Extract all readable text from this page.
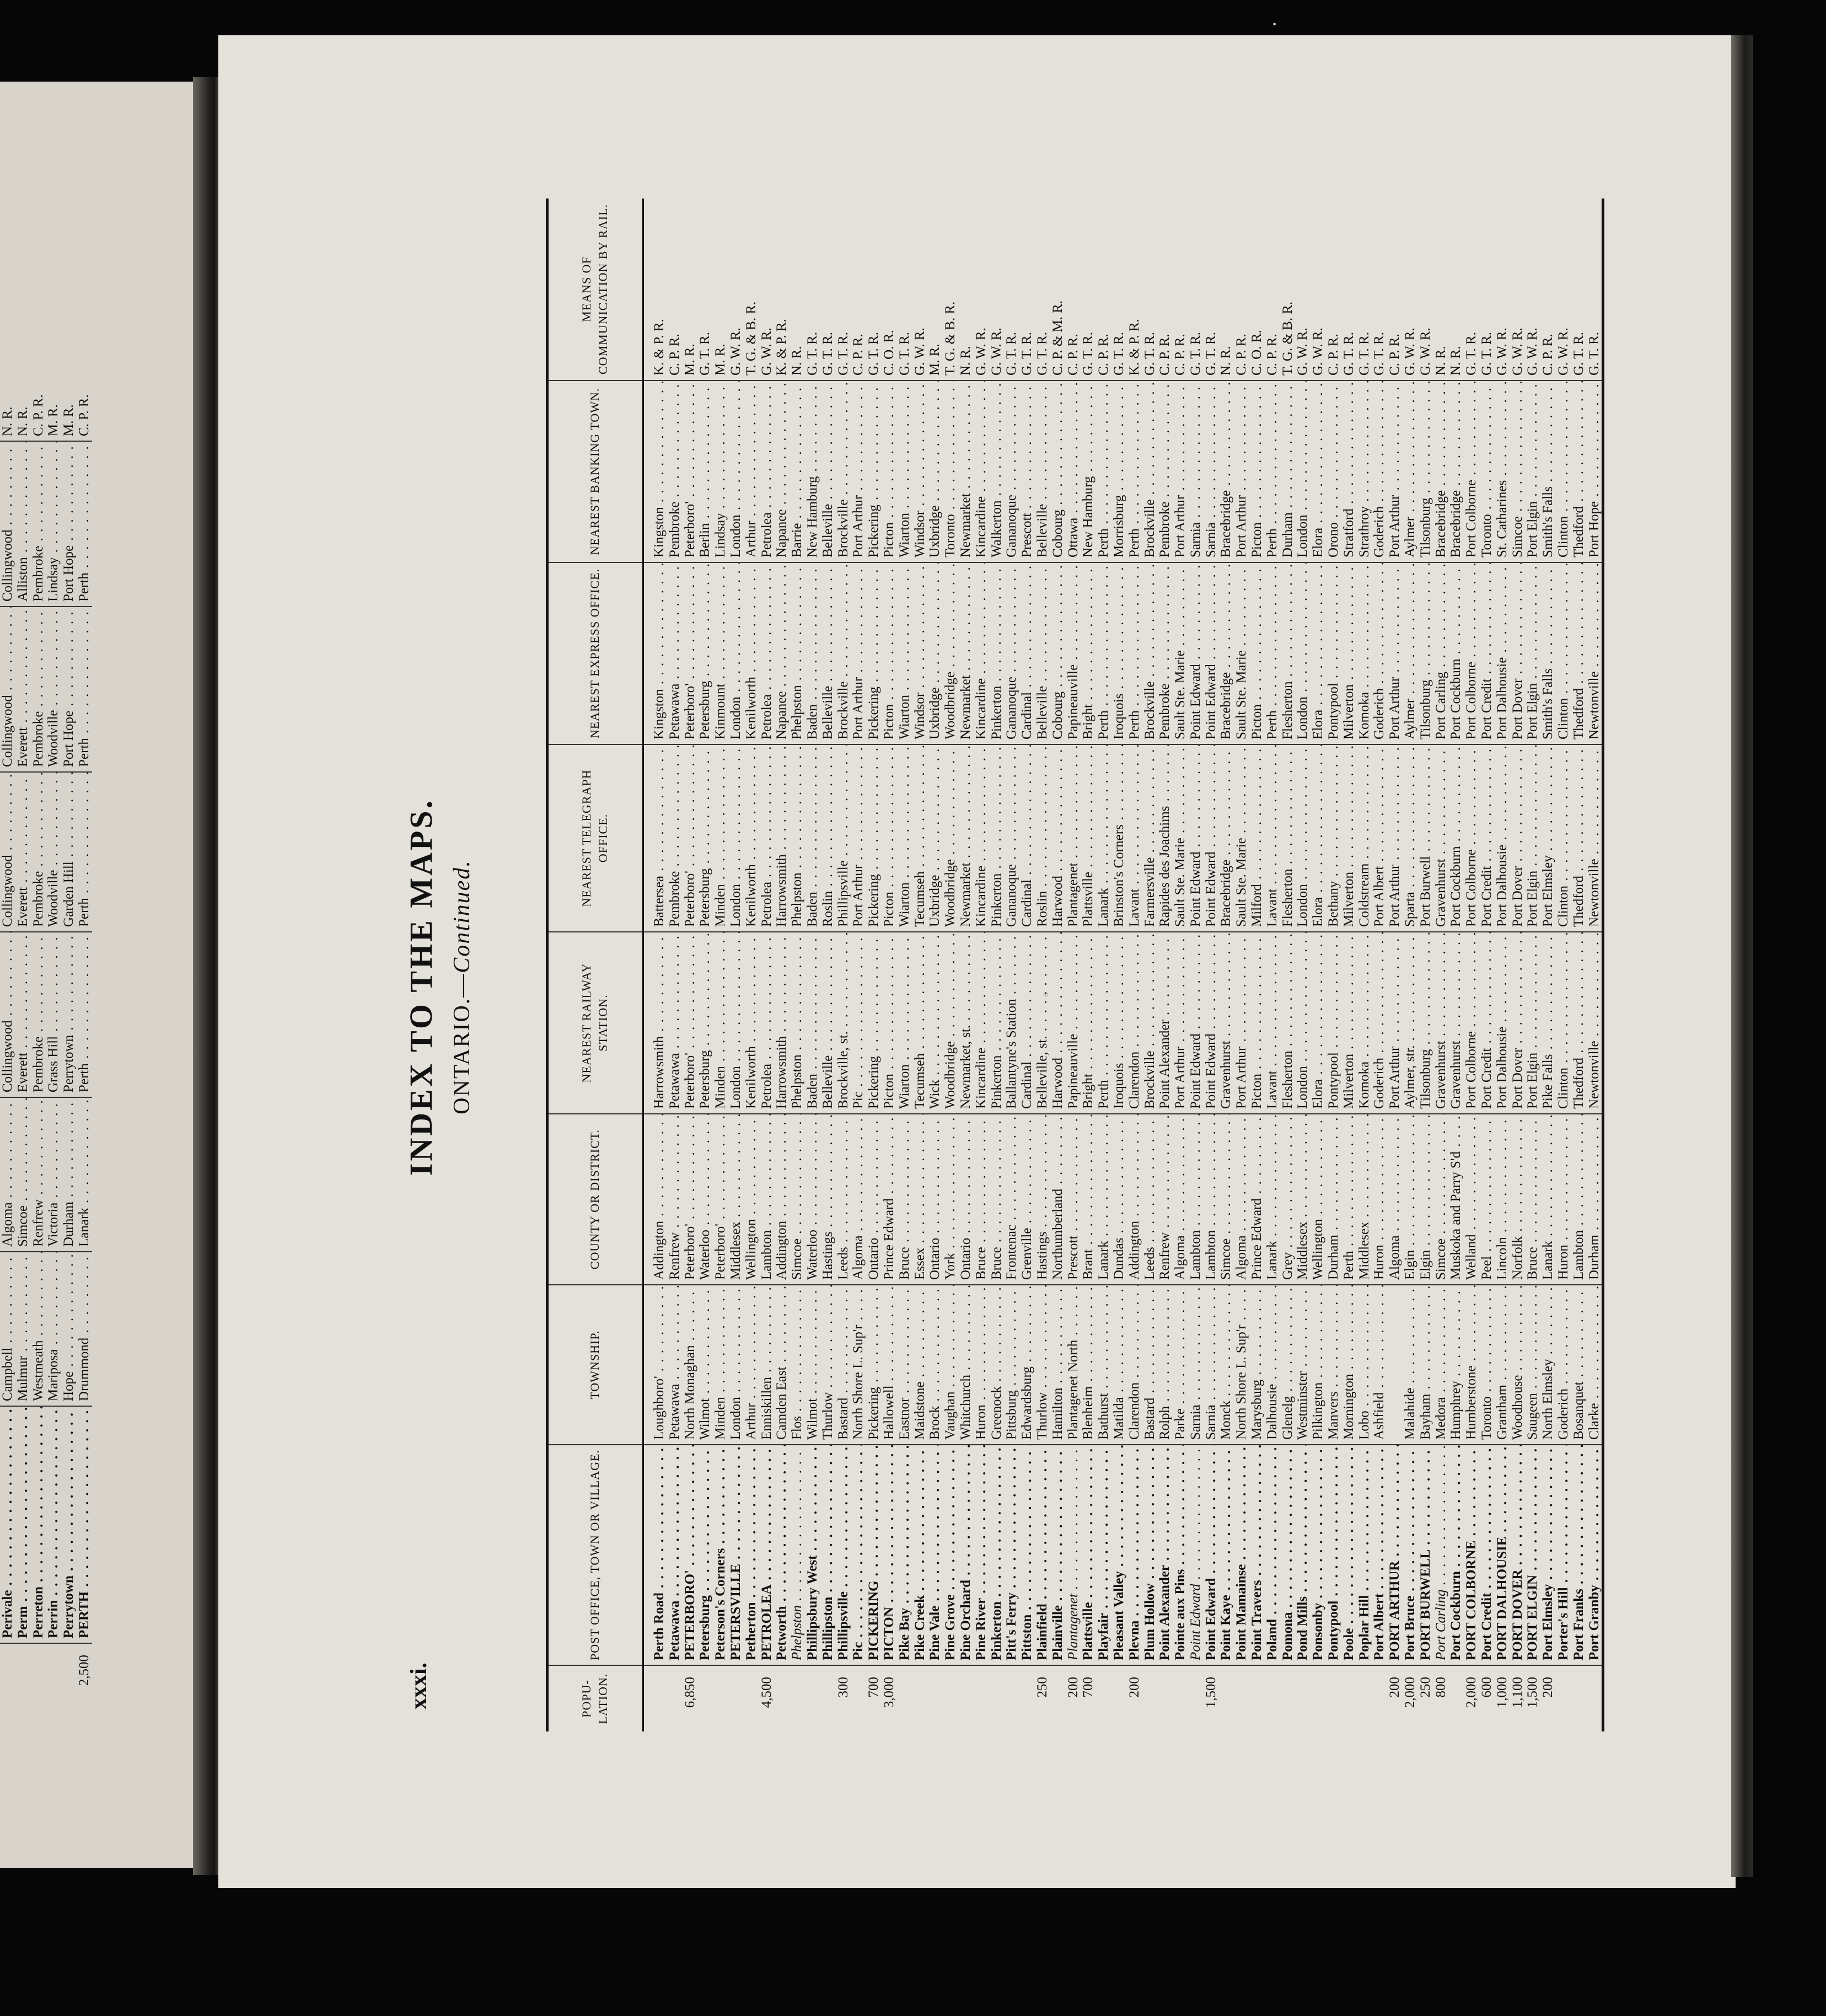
·
•
	Perivale . . .	Campbell . . .	Algoma . . .	Collingwood . . .	Collingwood . . .	Collingwood . . .	Collingwood . . .	N. R.
	Perm . . .	Mulmur . . .	Simcoe . . .	Everett . . .	Everett . . .	Everett . . .	Alliston . . .	N. R.
	Perreton . . .	Westmeath . . .	Renfrew . . .	Pembroke . . .	Pembroke . . .	Pembroke . . .	Pembroke . . .	C. P. R.
	Perrin . . .	Mariposa . . .	Victoria . . .	Grass Hill . . .	Woodville . . .	Woodville . . .	Lindsay . . .	M. R.
	Perrytown . . .	Hope . . .	Durham . . .	Perrytown . . .	Garden Hill . . .	Port Hope . . .	Port Hope . . .	M. R.
2,500	PERTH . . .	Drummond . . .	Lanark . . .	Perth . . .	Perth . . .	Perth . . .	Perth . . .	C. P. R.
xxxi.
INDEX TO THE MAPS. ONTARIO.—Continued.
POPU-LATION.	POST OFFICE, TOWN OR VILLAGE.	TOWNSHIP.	COUNTY OR DISTRICT.	NEAREST RAILWAY STATION.	NEAREST TELEGRAPH OFFICE.	NEAREST EXPRESS OFFICE.	NEAREST BANKING TOWN.	MEANS OF COMMUNICATION BY RAIL.
	Perth Road . . .	Loughboro' . . .	Addington . . .	Harrowsmith . . .	Battersea . . .	Kingston . . .	Kingston . . .	K. & P. R.
	Petawawa . . .	Petawawa . . .	Renfrew . . .	Petawawa . . .	Pembroke . . .	Petawawa . . .	Pembroke . . .	C. P. R.
6,850	PETERBORO' . . .	North Monaghan . . .	Peterboro' . . .	Peterboro' . . .	Peterboro' . . .	Peterboro' . . .	Peterboro' . . .	M. R.
	Petersburg . . .	Wilmot . . .	Waterloo . . .	Petersburg . . .	Petersburg . . .	Petersburg . . .	Berlin . . .	G. T. R.
	Peterson's Corners . . .	Minden . . .	Peterboro' . . .	Minden . . .	Minden . . .	Kinmount . . .	Lindsay . . .	M. R.
	PETERSVILLE . . .	London . . .	Middlesex . . .	London . . .	London . . .	London . . .	London . . .	G. W. R.
	Petherton . . .	Arthur . . .	Wellington . . .	Kenilworth . . .	Kenilworth . . .	Kenilworth . . .	Arthur . . .	T. G. & B. R.
4,500	PETROLEA . . .	Enniskillen . . .	Lambton . . .	Petrolea . . .	Petrolea . . .	Petrolea . . .	Petrolea . . .	G. W. R.
	Petworth . . .	Camden East . . .	Addington . . .	Harrowsmith . . .	Harrowsmith . . .	Napanee . . .	Napanee . . .	K. & P. R.
	Phelpston . . .	Flos . . .	Simcoe . . .	Phelpston . . .	Phelpston . . .	Phelpston . . .	Barrie . . .	N. R.
	Phillipsbury West . . .	Wilmot . . .	Waterloo . . .	Baden . . .	Baden . . .	Baden . . .	New Hamburg . . .	G. T. R.
	Phillipston . . .	Thurlow . . .	Hastings . . .	Belleville . . .	Roslin . . .	Belleville . . .	Belleville . . .	G. T. R.
300	Phillipsville . . .	Bastard . . .	Leeds . . .	Brockville, st. . . .	Phillipsville . . .	Brockville . . .	Brockville . . .	G. T. R.
	Pic . . .	North Shore L. Sup'r . . .	Algoma . . .	Pic . . .	Port Arthur . . .	Port Arthur . . .	Port Arthur . . .	C. P. R.
700	PICKERING . . .	Pickering . . .	Ontario . . .	Pickering . . .	Pickering . . .	Pickering . . .	Pickering . . .	G. T. R.
3,000	PICTON . . .	Hallowell . . .	Prince Edward . . .	Picton . . .	Picton . . .	Picton . . .	Picton . . .	C. O. R.
	Pike Bay . . .	Eastnor . . .	Bruce . . .	Wiarton . . .	Wiarton . . .	Wiarton . . .	Wiarton . . .	G. T. R.
	Pike Creek . . .	Maidstone . . .	Essex . . .	Tecumseh . . .	Tecumseh . . .	Windsor . . .	Windsor . . .	G. W. R.
	Pine Vale . . .	Brock . . .	Ontario . . .	Wick . . .	Uxbridge . . .	Uxbridge . . .	Uxbridge . . .	M. R.
	Pine Grove . . .	Vaughan . . .	York . . .	Woodbridge . . .	Woodbridge . . .	Woodbridge . . .	Toronto . . .	T. G. & B. R.
	Pine Orchard . . .	Whitchurch . . .	Ontario . . .	Newmarket, st. . . .	Newmarket . . .	Newmarket . . .	Newmarket . . .	N. R.
	Pine River . . .	Huron . . .	Bruce . . .	Kincardine . . .	Kincardine . . .	Kincardine . . .	Kincardine . . .	G. W. R.
	Pinkerton . . .	Greenock . . .	Bruce . . .	Pinkerton . . .	Pinkerton . . .	Pinkerton . . .	Walkerton . . .	G. W. R.
	Pitt's Ferry . . .	Pittsburg . . .	Frontenac . . .	Ballantyne's Station . . .	Gananoque . . .	Gananoque . . .	Gananoque . . .	G. T. R.
	Pittston . . .	Edwardsburg . . .	Grenville . . .	Cardinal . . .	Cardinal . . .	Cardinal . . .	Prescott . . .	G. T. R.
250	Plainfield . . .	Thurlow . . .	Hastings . . .	Belleville, st. . . .	Roslin . . .	Belleville . . .	Belleville . . .	G. T. R.
	Plainville . . .	Hamilton . . .	Northumberland . . .	Harwood . . .	Harwood . . .	Cobourg . . .	Cobourg . . .	C. P. & M. R.
200	Plantagenet . . .	Plantagenet North . . .	Prescott . . .	Papineauville . . .	Plantagenet . . .	Papineauville . . .	Ottawa . . .	C. P. R.
700	Plattsville . . .	Blenheim . . .	Brant . . .	Bright . . .	Plattsville . . .	Bright . . .	New Hamburg . . .	G. T. R.
	Playfair . . .	Bathurst . . .	Lanark . . .	Perth . . .	Lanark . . .	Perth . . .	Perth . . .	C. P. R.
	Pleasant Valley . . .	Matilda . . .	Dundas . . .	Iroquois . . .	Brinston's Corners . . .	Iroquois . . .	Morrisburg . . .	G. T. R.
200	Plevna . . .	Clarendon . . .	Addington . . .	Clarendon . . .	Lavant . . .	Perth . . .	Perth . . .	K. & P. R.
	Plum Hollow . . .	Bastard . . .	Leeds . . .	Brockville . . .	Farmersville . . .	Brockville . . .	Brockville . . .	G. T. R.
	Point Alexander . . .	Rolph . . .	Renfrew . . .	Point Alexander . . .	Rapides des Joachims . . .	Pembroke . . .	Pembroke . . .	C. P. R.
	Pointe aux Pins . . .	Parke . . .	Algoma . . .	Port Arthur . . .	Sault Ste. Marie . . .	Sault Ste. Marie . . .	Port Arthur . . .	C. P. R.
	Point Edward . . .	Sarnia . . .	Lambton . . .	Point Edward . . .	Point Edward . . .	Point Edward . . .	Sarnia . . .	G. T. R.
1,500	Point Edward . . .	Sarnia . . .	Lambton . . .	Point Edward . . .	Point Edward . . .	Point Edward . . .	Sarnia . . .	G. T. R.
	Point Kaye . . .	Monck . . .	Simcoe . . .	Gravenhurst . . .	Bracebridge . . .	Bracebridge . . .	Bracebridge . . .	N. R.
	Point Mamainse . . .	North Shore L. Sup'r . . .	Algoma . . .	Port Arthur . . .	Sault Ste. Marie . . .	Sault Ste. Marie . . .	Port Arthur . . .	C. P. R.
	Point Travers . . .	Marysburg . . .	Prince Edward . . .	Picton . . .	Milford . . .	Picton . . .	Picton . . .	C. O. R.
	Poland . . .	Dalhousie . . .	Lanark . . .	Lavant . . .	Lavant . . .	Perth . . .	Perth . . .	C. P. R.
	Pomona . . .	Glenelg . . .	Grey . . .	Flesherton . . .	Flesherton . . .	Flesherton . . .	Durham . . .	T. G. & B. R.
	Pond Mills . . .	Westminster . . .	Middlesex . . .	London . . .	London . . .	London . . .	London . . .	G. W. R.
	Ponsonby . . .	Pilkington . . .	Wellington . . .	Elora . . .	Elora . . .	Elora . . .	Elora . . .	G. W. R.
	Pontypool . . .	Manvers . . .	Durham . . .	Pontypool . . .	Bethany . . .	Pontypool . . .	Orono . . .	C. P. R.
	Poole . . .	Mornington . . .	Perth . . .	Milverton . . .	Milverton . . .	Milverton . . .	Stratford . . .	G. T. R.
	Poplar Hill . . .	Lobo . . .	Middlesex . . .	Komoka . . .	Coldstream . . .	Komoka . . .	Strathroy . . .	G. T. R.
	Port Albert . . .	Ashfield . . .	Huron . . .	Goderich . . .	Port Albert . . .	Goderich . . .	Goderich . . .	G. T. R.
200	PORT ARTHUR . . .		Algoma . . .	Port Arthur . . .	Port Arthur . . .	Port Arthur . . .	Port Arthur . . .	C. P. R.
2,000	Port Bruce . . .	Malahide . . .	Elgin . . .	Aylmer, str. . . .	Sparta . . .	Aylmer . . .	Aylmer . . .	G. W. R.
250	PORT BURWELL . . .	Bayham . . .	Elgin . . .	Tilsonburg . . .	Port Burwell . . .	Tilsonburg . . .	Tilsonburg . . .	G. W. R.
800	Port Carling . . .	Medora . . .	Simcoe . . .	Gravenhurst . . .	Gravenhurst . . .	Port Carling . . .	Bracebridge . . .	N. R.
	Port Cockburn . . .	Humphrey . . .	Muskoka and Parry S'd . . .	Gravenhurst . . .	Port Cockburn . . .	Port Cockburn . . .	Bracebridge . . .	N. R.
2,000	PORT COLBORNE . . .	Humberstone . . .	Welland . . .	Port Colborne . . .	Port Colborne . . .	Port Colborne . . .	Port Colborne . . .	G. T. R.
600	Port Credit . . .	Toronto . . .	Peel . . .	Port Credit . . .	Port Credit . . .	Port Credit . . .	Toronto . . .	G. T. R.
1,000	PORT DALHOUSIE . . .	Grantham . . .	Lincoln . . .	Port Dalhousie . . .	Port Dalhousie . . .	Port Dalhousie . . .	St. Catharines . . .	G. W. R.
1,100	PORT DOVER . . .	Woodhouse . . .	Norfolk . . .	Port Dover . . .	Port Dover . . .	Port Dover . . .	Simcoe . . .	G. W. R.
1,500	PORT ELGIN . . .	Saugeen . . .	Bruce . . .	Port Elgin . . .	Port Elgin . . .	Port Elgin . . .	Port Elgin . . .	G. W. R.
200	Port Elmsley . . .	North Elmsley . . .	Lanark . . .	Pike Falls . . .	Port Elmsley . . .	Smith's Falls . . .	Smith's Falls . . .	C. P. R.
	Porter's Hill . . .	Goderich . . .	Huron . . .	Clinton . . .	Clinton . . .	Clinton . . .	Clinton . . .	G. W. R.
	Port Franks . . .	Bosanquet . . .	Lambton . . .	Thedford . . .	Thedford . . .	Thedford . . .	Thedford . . .	G. T. R.
	Port Granby . . .	Clarke . . .	Durham . . .	Newtonville . . .	Newtonville . . .	Newtonville . . .	Port Hope . . .	G. T. R.
